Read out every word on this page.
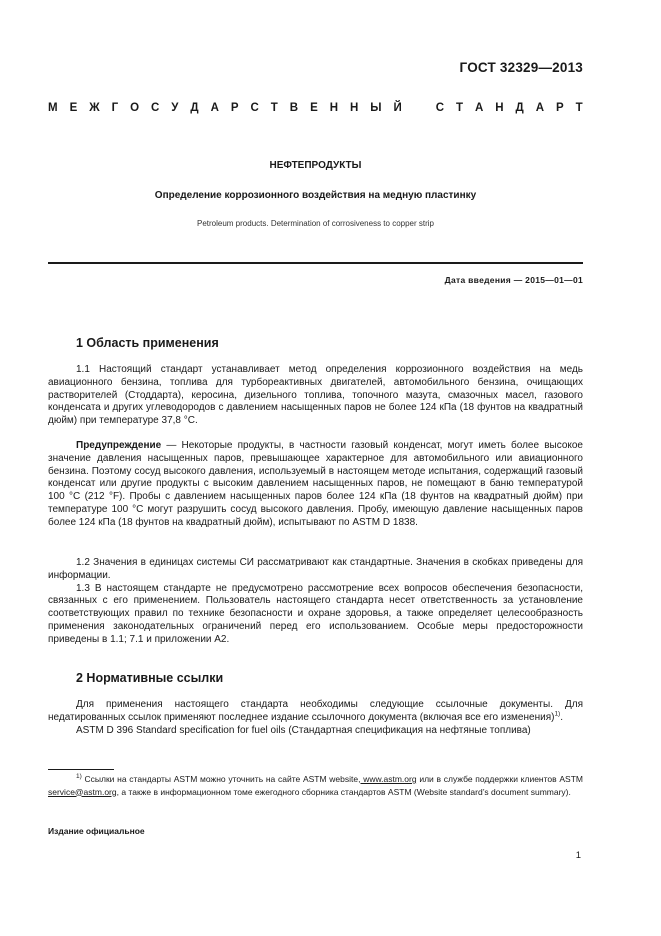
ГОСТ 32329—2013
М Е Ж Г О С У Д А Р С Т В Е Н Н Ы Й
	С Т А Н Д А Р Т
НЕФТЕПРОДУКТЫ
Определение коррозионного воздействия на медную пластинку
Petroleum products. Determination of corrosiveness to copper strip
Дата введения — 2015—01—01
1 Область применения

1.1 Настоящий стандарт устанавливает метод определения коррозионного воздействия на медь авиационного бензина, топлива для турбореактивных двигателей, автомобильного бензина, очищающих растворителей (Стоддарта), керосина, дизельного топлива, топочного мазута, смазочных масел, газового конденсата и других углеводородов с давлением насыщенных паров не более 124 кПа (18 фунтов на квадратный дюйм) при температуре 37,8 °С.

Предупреждение — Некоторые продукты, в частности газовый конденсат, могут иметь более высокое значение давления насыщенных паров, превышающее характерное для автомобильного или авиационного бензина. Поэтому сосуд высокого давления, используемый в настоящем методе испытания, содержащий газовый конденсат или другие продукты с высоким давлением насыщенных паров, не помещают в баню температурой 100 °С (212 °F). Пробы с давлением насыщенных паров более 124 кПа (18 фунтов на квадратный дюйм) при температуре 100 °С могут разрушить сосуд высокого давления. Пробу, имеющую давление насыщенных паров более 124 кПа (18 фунтов на квадратный дюйм), испытывают по ASTM D 1838.

1.2 Значения в единицах системы СИ рассматривают как стандартные. Значения в скобках приведены для информации.

1.3 В настоящем стандарте не предусмотрено рассмотрение всех вопросов обеспечения безопасности, связанных с его применением. Пользователь настоящего стандарта несет ответственность за установление соответствующих правил по технике безопасности и охране здоровья, а также определяет целесообразность применения законодательных ограничений перед его использованием. Особые меры предосторожности приведены в 1.1; 7.1 и приложении А2.

2 Нормативные ссылки

Для применения настоящего стандарта необходимы следующие ссылочные документы. Для недатированных ссылок применяют последнее издание ссылочного документа (включая все его изменения)$^{1)}$.

ASTM D 396 Standard specification for fuel oils (Стандартная спецификация на нефтяные топлива)

$^{1)}$ Ссылки на стандарты ASTM можно уточнить на сайте ASTM website, www.astm.org или в службе поддержки клиентов ASTM service@astm.org, а также в информационном томе ежегодного сборника стандартов ASTM (Website standard’s document summary).
Издание официальное
1
